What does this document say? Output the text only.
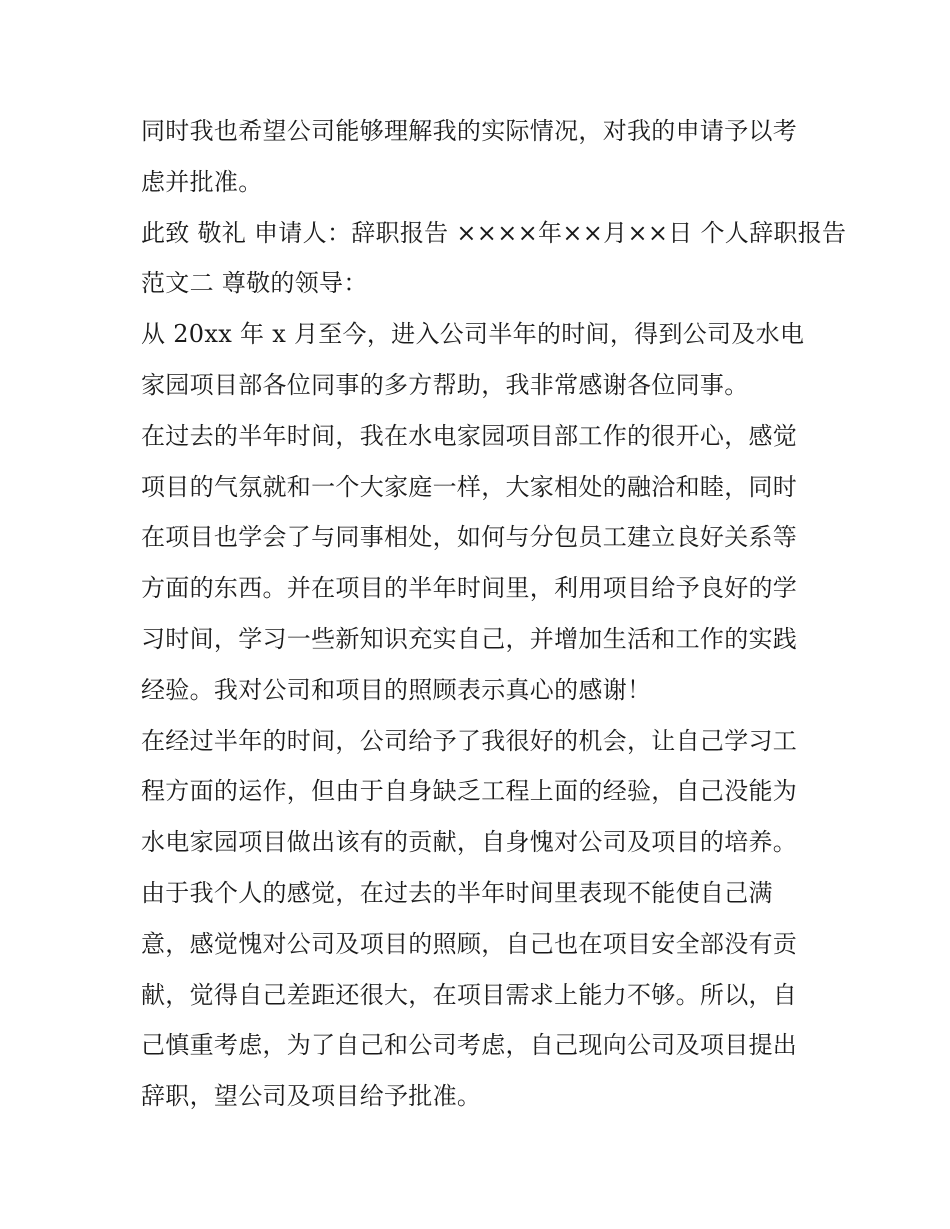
同时我也希望公司能够理解我的实际情况，对我的申请予以考
虑并批准。
此致 敬礼 申请人：辞职报告 ××××年××月××日 个人辞职报告
范文二 尊敬的领导：
从 20xx 年 x 月至今，进入公司半年的时间，得到公司及水电
家园项目部各位同事的多方帮助，我非常感谢各位同事。
在过去的半年时间，我在水电家园项目部工作的很开心，感觉
项目的气氛就和一个大家庭一样，大家相处的融洽和睦，同时
在项目也学会了与同事相处，如何与分包员工建立良好关系等
方面的东西。并在项目的半年时间里，利用项目给予良好的学
习时间，学习一些新知识充实自己，并增加生活和工作的实践
经验。我对公司和项目的照顾表示真心的感谢！
在经过半年的时间，公司给予了我很好的机会，让自己学习工
程方面的运作，但由于自身缺乏工程上面的经验，自己没能为
水电家园项目做出该有的贡献，自身愧对公司及项目的培养。
由于我个人的感觉，在过去的半年时间里表现不能使自己满
意，感觉愧对公司及项目的照顾，自己也在项目安全部没有贡
献，觉得自己差距还很大，在项目需求上能力不够。所以，自
己慎重考虑，为了自己和公司考虑，自己现向公司及项目提出
辞职，望公司及项目给予批准。
